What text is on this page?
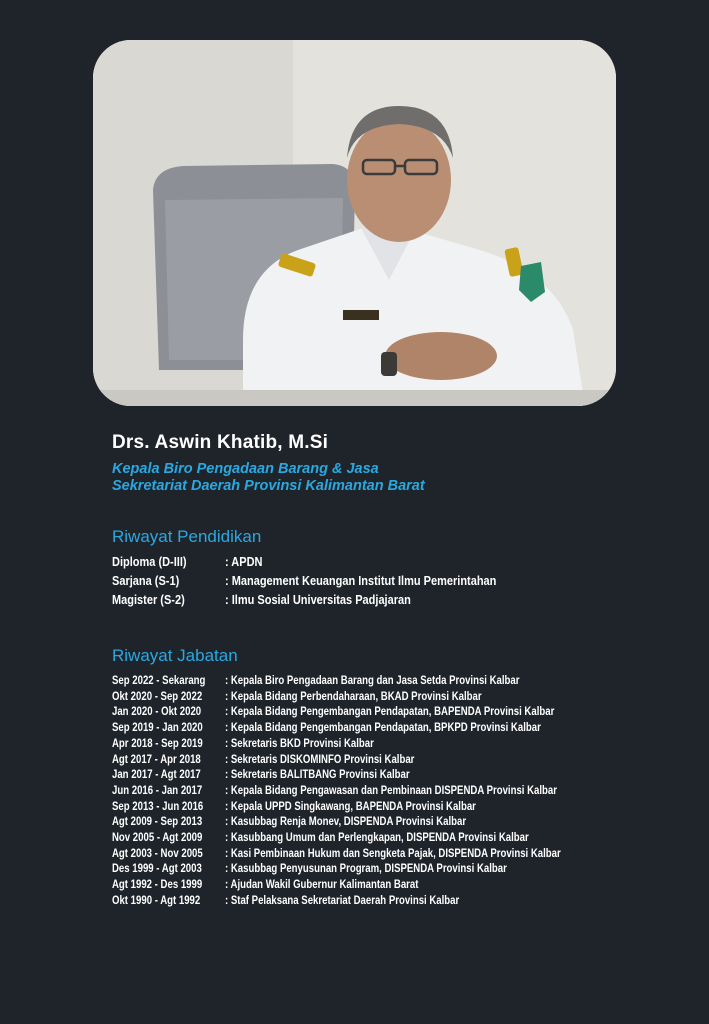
Drs. Aswin Khatib, M.Si
Kepala Biro Pengadaan Barang & Jasa
Sekretariat Daerah Provinsi Kalimantan Barat
Riwayat Pendidikan
Diploma (D-III)	: APDN
Sarjana (S-1)	: Management Keuangan Institut Ilmu Pemerintahan
Magister (S-2)	: Ilmu Sosial Universitas Padjajaran
Riwayat Jabatan
Sep 2022 - Sekarang : Kepala Biro Pengadaan Barang dan Jasa Setda Provinsi Kalbar
Okt 2020 - Sep 2022 : Kepala Bidang Perbendaharaan, BKAD Provinsi Kalbar
Jan 2020 - Okt 2020 : Kepala Bidang Pengembangan Pendapatan, BAPENDA Provinsi Kalbar
Sep 2019 - Jan 2020 : Kepala Bidang Pengembangan Pendapatan, BPKPD Provinsi Kalbar
Apr 2018 - Sep 2019 : Sekretaris BKD Provinsi Kalbar
Agt 2017 - Apr 2018 : Sekretaris DISKOMINFO Provinsi Kalbar
Jan 2017 - Agt 2017 : Sekretaris BALITBANG Provinsi Kalbar
Jun 2016 - Jan 2017 : Kepala Bidang Pengawasan dan Pembinaan DISPENDA Provinsi Kalbar
Sep 2013 - Jun 2016 : Kepala UPPD Singkawang, BAPENDA Provinsi Kalbar
Agt 2009 - Sep 2013 : Kasubbag Renja Monev, DISPENDA Provinsi Kalbar
Nov 2005 - Agt 2009 : Kasubbang Umum dan Perlengkapan, DISPENDA Provinsi Kalbar
Agt 2003 - Nov 2005 : Kasi Pembinaan Hukum dan Sengketa Pajak, DISPENDA Provinsi Kalbar
Des 1999 - Agt 2003 : Kasubbag Penyusunan Program, DISPENDA Provinsi Kalbar
Agt 1992 - Des 1999 : Ajudan Wakil Gubernur Kalimantan Barat
Okt 1990 - Agt 1992 : Staf Pelaksana Sekretariat Daerah Provinsi Kalbar
